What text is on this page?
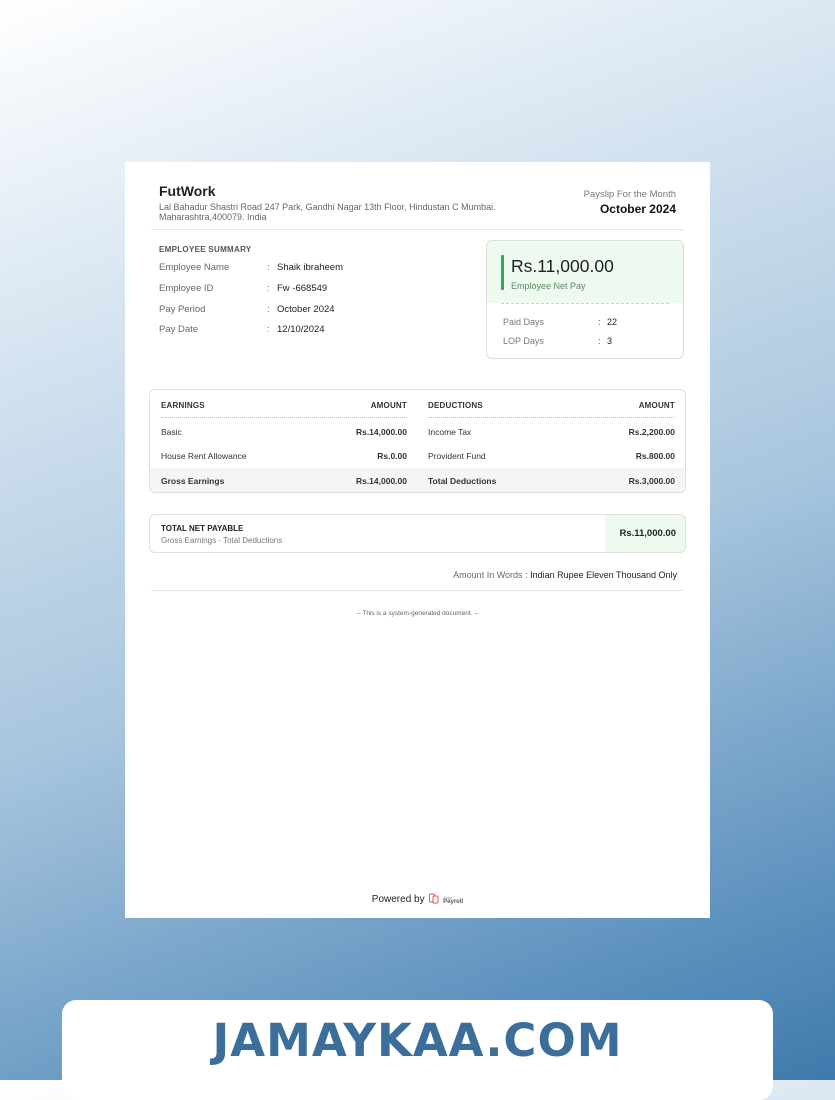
FutWork
Lal Bahadur Shastri Road 247 Park, Gandhi Nagar 13th Floor, Hindustan C Mumbai. Maharashtra,400079. India
Payslip For the Month
October 2024
EMPLOYEE SUMMARY
Employee Name	: Shaik ibraheem
Employee ID	: Fw -668549
Pay Period	: October 2024
Pay Date	: 12/10/2024
Rs.11,000.00
Employee Net Pay
Paid Days	: 22
LOP Days	: 3
EARNINGS	AMOUNT	DEDUCTIONS	AMOUNT
Basic	Rs.14,000.00 Income Tax	Rs.2,200.00
House Rent Allowance	Rs.0.00 Provident Fund	Rs.800.00
Gross Earnings	Rs.14,000.00 Total Deductions	Rs.3,000.00
TOTAL NET PAYABLE
Gross Earnings - Total Deductions
Rs.11,000.00
Amount In Words : Indian Rupee Eleven Thousand Only
-- This is a system-generated document. --
Powered by	Zoho
Payroll
JAMAYKAA.COM
